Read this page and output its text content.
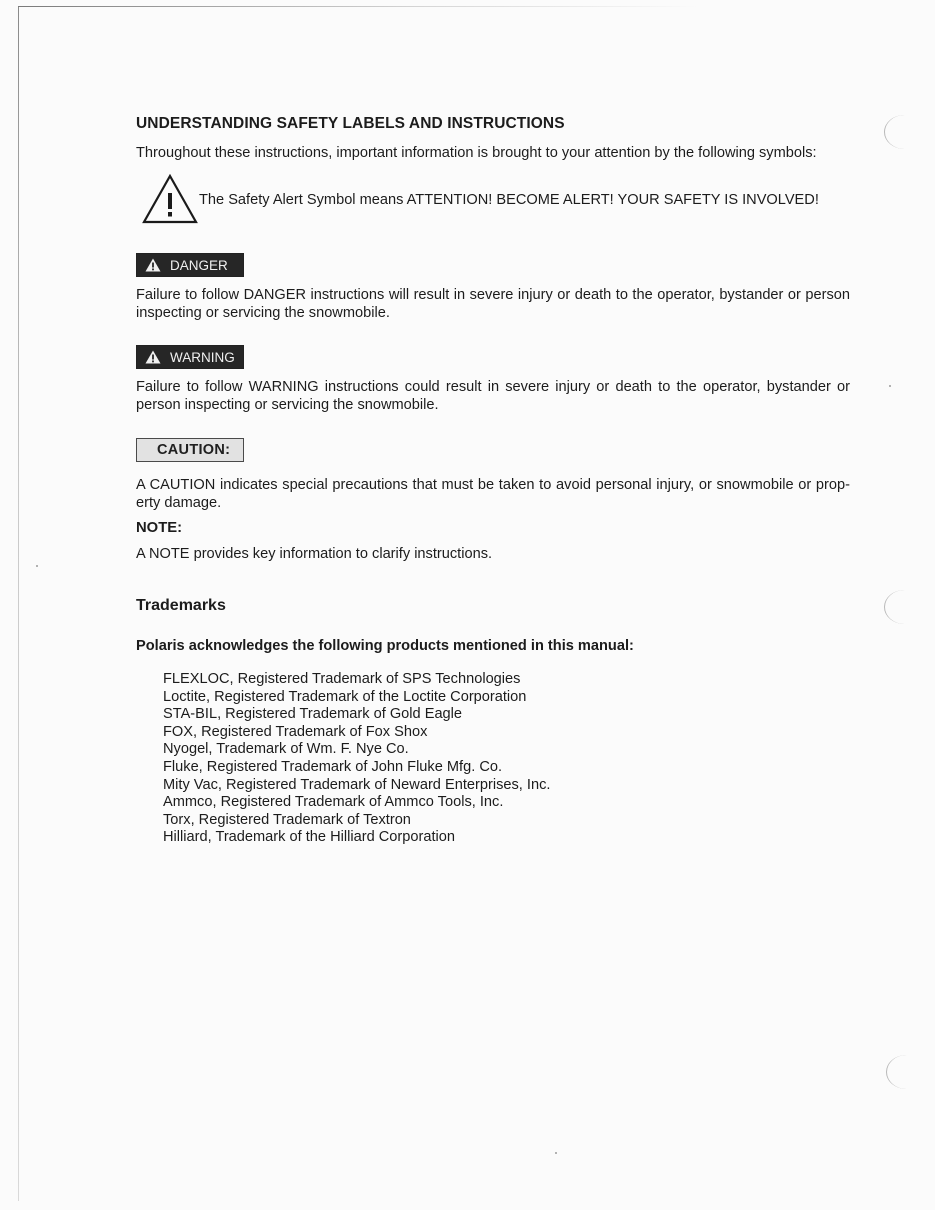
UNDERSTANDING SAFETY LABELS AND INSTRUCTIONS
Throughout these instructions, important information is brought to your attention by the following symbols:
The Safety Alert Symbol means ATTENTION! BECOME ALERT! YOUR SAFETY IS INVOLVED!
DANGER
Failure to follow DANGER instructions will result in severe injury or death to the operator, bystander or person inspecting or servicing the snowmobile.
WARNING
Failure to follow WARNING instructions could result in severe injury or death to the operator, bystander or person inspecting or servicing the snowmobile.
CAUTION:
A CAUTION indicates special precautions that must be taken to avoid personal injury, or snowmobile or prop- erty damage.
NOTE:
A NOTE provides key information to clarify instructions.
Trademarks
Polaris acknowledges the following products mentioned in this manual:
FLEXLOC, Registered Trademark of SPS Technologies
Loctite, Registered Trademark of the Loctite Corporation
STA-BIL, Registered Trademark of Gold Eagle
FOX, Registered Trademark of Fox Shox
Nyogel, Trademark of Wm. F. Nye Co.
Fluke, Registered Trademark of John Fluke Mfg. Co.
Mity Vac, Registered Trademark of Neward Enterprises, Inc.
Ammco, Registered Trademark of Ammco Tools, Inc.
Torx, Registered Trademark of Textron
Hilliard, Trademark of the Hilliard Corporation
